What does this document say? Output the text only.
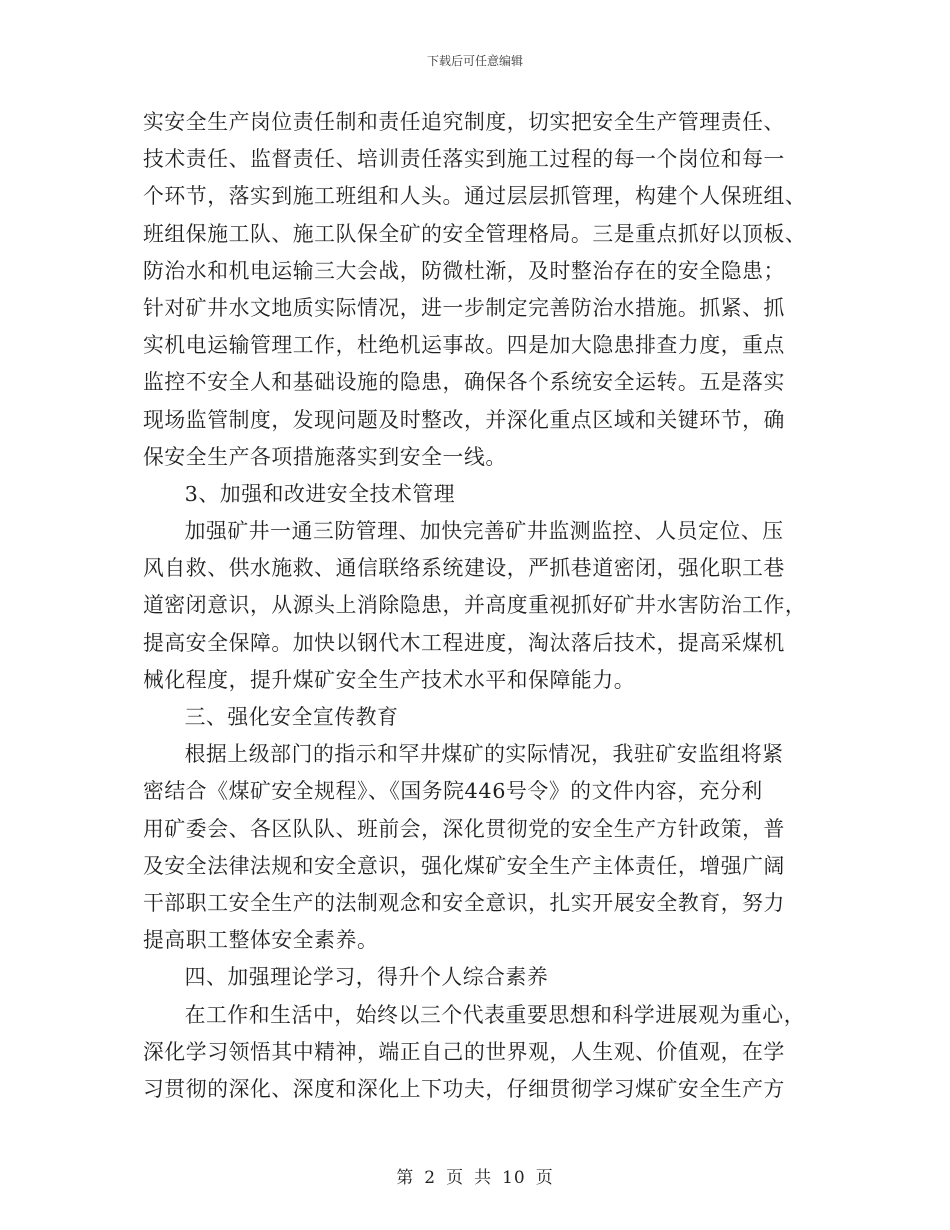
下载后可任意编辑
实安全生产岗位责任制和责任追究制度，切实把安全生产管理责任、
技术责任、监督责任、培训责任落实到施工过程的每一个岗位和每一
个环节，落实到施工班组和人头。通过层层抓管理，构建个人保班组、
班组保施工队、施工队保全矿的安全管理格局。三是重点抓好以顶板、
防治水和机电运输三大会战，防微杜渐，及时整治存在的安全隐患；
针对矿井水文地质实际情况，进一步制定完善防治水措施。抓紧、抓
实机电运输管理工作，杜绝机运事故。四是加大隐患排查力度，重点
监控不安全人和基础设施的隐患，确保各个系统安全运转。五是落实
现场监管制度，发现问题及时整改，并深化重点区域和关键环节，确
保安全生产各项措施落实到安全一线。
3、加强和改进安全技术管理
加强矿井一通三防管理、加快完善矿井监测监控、人员定位、压
风自救、供水施救、通信联络系统建设，严抓巷道密闭，强化职工巷
道密闭意识，从源头上消除隐患，并高度重视抓好矿井水害防治工作，
提高安全保障。加快以钢代木工程进度，淘汰落后技术，提高采煤机
械化程度，提升煤矿安全生产技术水平和保障能力。
三、强化安全宣传教育
根据上级部门的指示和罕井煤矿的实际情况，我驻矿安监组将紧
密结合《煤矿安全规程》、《国务院446号令》的文件内容，充分利
用矿委会、各区队队、班前会，深化贯彻党的安全生产方针政策，普
及安全法律法规和安全意识，强化煤矿安全生产主体责任，增强广阔
干部职工安全生产的法制观念和安全意识，扎实开展安全教育，努力
提高职工整体安全素养。
四、加强理论学习，得升个人综合素养
在工作和生活中，始终以三个代表重要思想和科学进展观为重心，
深化学习领悟其中精神，端正自己的世界观，人生观、价值观，在学
习贯彻的深化、深度和深化上下功夫，仔细贯彻学习煤矿安全生产方
第 2 页 共 10 页
